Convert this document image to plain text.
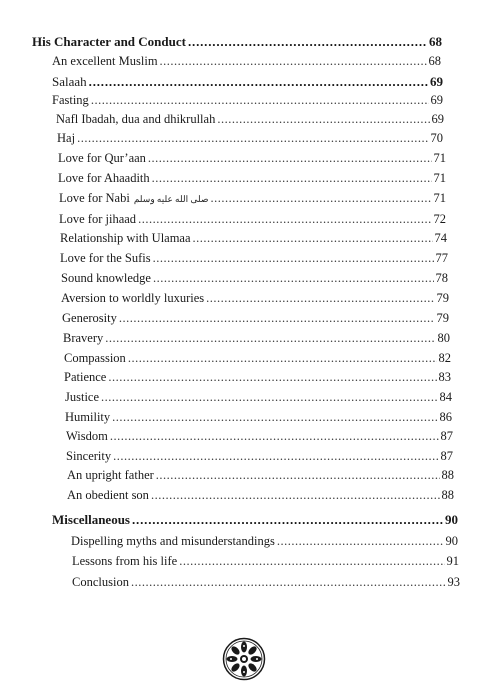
His Character and Conduct .....	68
An excellent Muslim .....	68
Salaah .....	69
Fasting .....	69
Nafl Ibadah, dua and dhikrullah .....	69
Haj .....	70
Love for Qur’aan .....	71
Love for Ahaadith .....	71
Love for Nabi صلى الله عليه وسلم .....	71
Love for jihaad .....	72
Relationship with Ulamaa .....	74
Love for the Sufis .....	77
Sound knowledge .....	78
Aversion to worldly luxuries .....	79
Generosity .....	79
Bravery .....	80
Compassion .....	82
Patience .....	83
Justice .....	84
Humility .....	86
Wisdom .....	87
Sincerity .....	87
An upright father .....	88
An obedient son .....	88
Miscellaneous .....	90
Dispelling myths and misunderstandings .....	90
Lessons from his life .....	91
Conclusion .....	93
